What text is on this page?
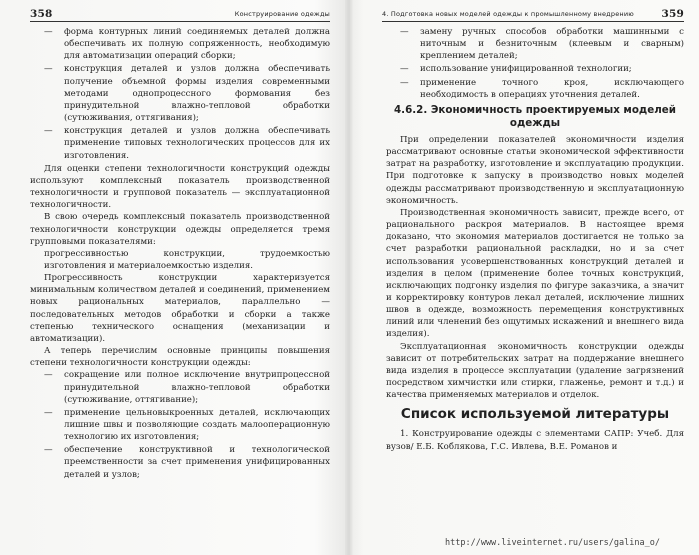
358	Конструирование одежды
— форма контурных линий соединяемых деталей должна обеспечивать их полную сопряженность, необходимую для автоматизации операций сборки;
— конструкция деталей и узлов должна обеспечивать получение объемной формы изделия современными методами однопроцессного формования без принудительной влажно-тепловой обработки (сутюживания, оттягивания);
— конструкция деталей и узлов должна обеспечивать применение типовых технологических процессов для их изготовления.

Для оценки степени технологичности конструкций одежды используют комплексный показатель производственной технологичности и групповой показатель — эксплуатационной технологичности.

В свою очередь комплексный показатель производственной технологичности конструкции одежды определяется тремя групповыми показателями:

прогрессивностью конструкции, трудоемкостью изготовления и материалоемкостью изделия.

Прогрессивность конструкции характеризуется минимальным количеством деталей и соединений, применением новых рациональных материалов, параллельно — последовательных методов обработки и сборки а также степенью технического оснащения (механизации и автоматизации).

А теперь перечислим основные принципы повышения степени технологичности конструкции одежды:

— сокращение или полное исключение внутрипроцессной принудительной влажно-тепловой обработки (сутюживание, оттягивание);
— применение цельновыкроенных деталей, исключающих лишние швы и позволяющие создать малооперационную технологию их изготовления;
— обеспечение конструктивной и технологической преемственности за счет применения унифицированных деталей и узлов;
4. Подготовка новых моделей одежды к промышленному внедрению	359
— замену ручных способов обработки машинными с ниточным и безниточным (клеевым и сварным) креплением деталей;
— использование унифицированной технологии;
— применение точного кроя, исключающего необходимость в операциях уточнения деталей.
4.6.2. Экономичность проектируемых моделей одежды

При определении показателей экономичности изделия рассматривают основные статьи экономической эффективности затрат на разработку, изготовление и эксплуатацию продукции. При подготовке к запуску в производство новых моделей одежды рассматривают производственную и эксплуатационную экономичность.

Производственная экономичность зависит, прежде всего, от рационального раскроя материалов. В настоящее время доказано, что экономия материалов достигается не только за счет разработки рациональной раскладки, но и за счет использования усовершенствованных конструкций деталей и изделия в целом (применение более точных конструкций, исключающих подгонку изделия по фигуре заказчика, а значит и корректировку контуров лекал деталей, исключение лишних швов в одежде, возможность перемещения конструктивных линий или членений без ощутимых искажений и внешнего вида изделия).

Эксплуатационная экономичность конструкции одежды зависит от потребительских затрат на поддержание внешнего вида изделия в процессе эксплуатации (удаление загрязнений посредством химчистки или стирки, глаженье, ремонт и т.д.) и качества применяемых материалов и отделок.

Список используемой литературы

1. Конструирование одежды с элементами САПР: Учеб. Для вузов/ Е.Б. Коблякова, Г.С. Ивлева, В.Е. Романов и

http://www.liveinternet.ru/users/galina_o/
